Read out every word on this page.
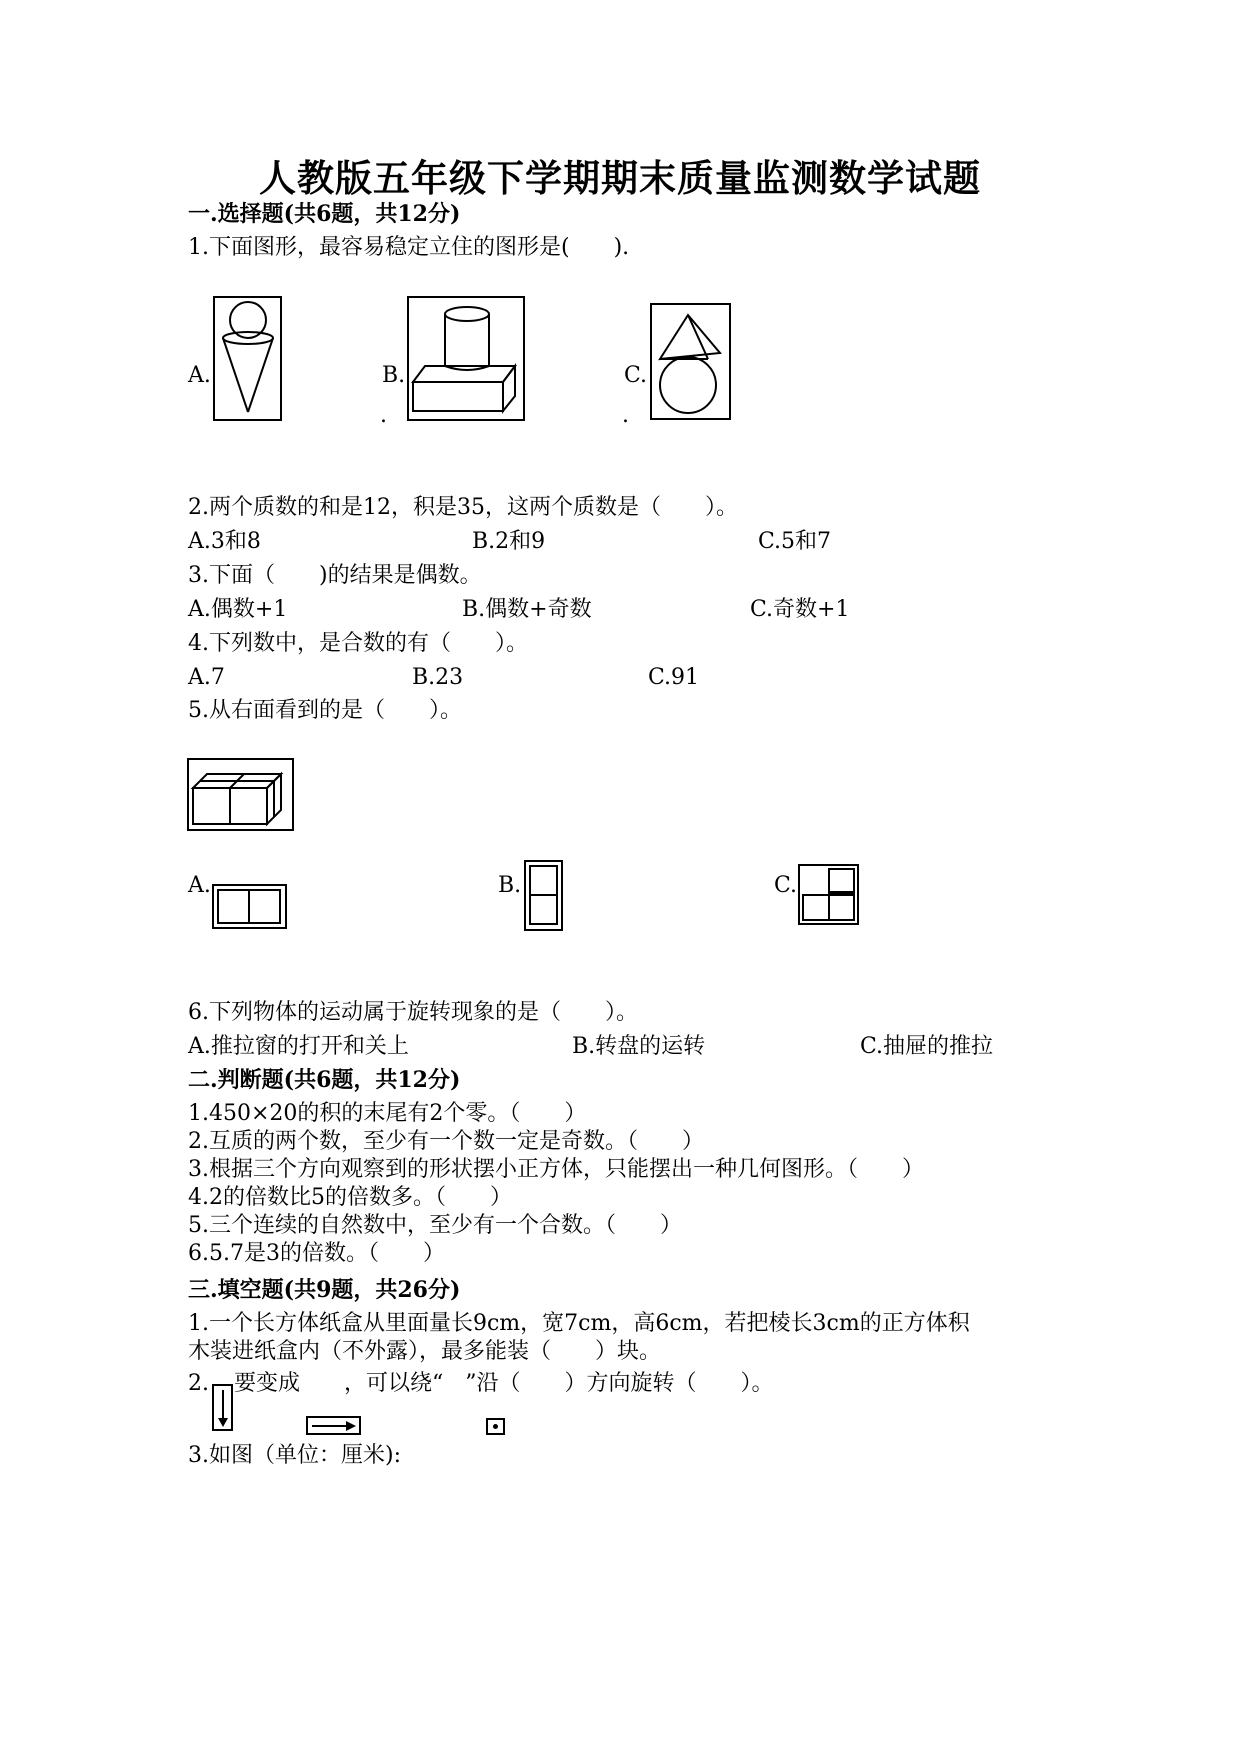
人教版五年级下学期期末质量监测数学试题
一.选择题(共6题，共12分)
1.下面图形，最容易稳定立住的图形是(　　).
A.	B.
.
C.
.
2.两个质数的和是12，积是35，这两个质数是（　　）。
A.3和8	B.2和9	C.5和7
3.下面（　　)的结果是偶数。
A.偶数+1	B.偶数+奇数	C.奇数+1
4.下列数中，是合数的有（　　）。
A.7	B.23	C.91
5.从右面看到的是（　　）。
A.	B.	C.
6.下列物体的运动属于旋转现象的是（　　）。
A.推拉窗的打开和关上	B.转盘的运转	C.抽屉的推拉
二.判断题(共6题，共12分)
1.450×20的积的末尾有2个零。（　　）
2.互质的两个数，至少有一个数一定是奇数。（　　）
3.根据三个方向观察到的形状摆小正方体，只能摆出一种几何图形。（　　）
4.2的倍数比5的倍数多。（　　）
5.三个连续的自然数中，至少有一个合数。（　　）
6.5.7是3的倍数。（　　）
三.填空题(共9题，共26分)
1.一个长方体纸盒从里面量长9cm，宽7cm，高6cm，若把棱长3cm的正方体积
木装进纸盒内（不外露），最多能装（　　）块。
2. 要变成　　，可以绕“　”沿（　　）方向旋转（　　）。
3.如图（单位：厘米):
